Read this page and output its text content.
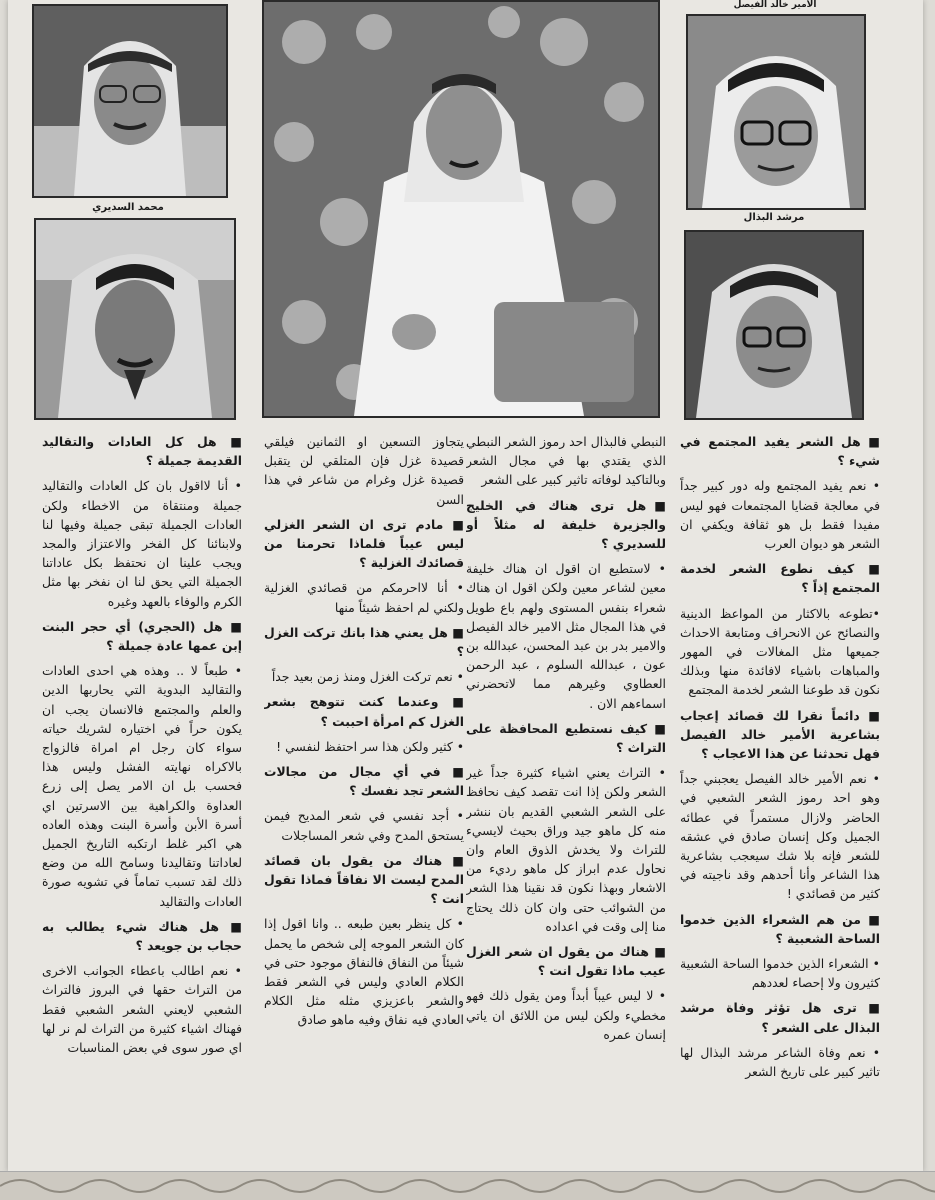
محمد السديري
الأمير خالد الفيصل
مرشد البذال

■ هل الشعر يفيد المجتمع في شيء ؟

• نعم يفيد المجتمع وله دور كبير جداً في معالجة قضايا المجتمعات فهو ليس مفيدا فقط بل هو ثقافة ويكفي ان الشعر هو ديوان العرب

■ كيف نطوع الشعر لخدمة المجتمع إذاً ؟

•تطوعه بالاكثار من المواعظ الدينية والنصائح عن الانحراف ومتابعة الاحداث جميعها مثل المغالات في المهور والمباهات باشياء لافائدة منها وبذلك نكون قد طوعنا الشعر لخدمة المجتمع

■ دائماً نقرا لك قصائد إعجاب بشاعرية الأمير خالد الفيصل فهل تحدثنا عن هذا الاعجاب ؟

• نعم الأمير خالد الفيصل يعجبني جداً وهو احد رموز الشعر الشعبي في الحاضر ولازال مستمراً في عطائه الجميل وكل إنسان صادق في عشقه للشعر فإنه بلا شك سيعجب بشاعرية هذا الشاعر وأنا أحدهم وقد ناجيته في كثير من قصائدي !

■ من هم الشعراء الذين خدموا الساحة الشعبية ؟

• الشعراء الذين خدموا الساحة الشعبية كثيرون ولا إحصاء لعددهم

■ ترى هل تؤثر وفاة مرشد البذال على الشعر ؟

• نعم وفاة الشاعر مرشد البذال لها تاثير كبير على تاريخ الشعر

النبطي فالبذال احد رموز الشعر النبطي الذي يقتدي بها في مجال الشعر وبالتاكيد لوفاته تاثير كبير على الشعر

■هل ترى هناك في الخليج والجزيرة خليفة له مثلاً أو للسديري ؟

• لاستطيع ان اقول ان هناك خليفة معين لشاعر معين ولكن اقول ان هناك شعراء بنفس المستوى ولهم باع طويل في هذا المجال مثل الامير خالد الفيصل والامير بدر بن عبد المحسن، عبدالله بن عون ، عبدالله السلوم ، عبد الرحمن العطاوي وغيرهم مما لاتحضرني اسماءهم الان .

■ كيف نستطيع المحافظة على التراث ؟

• التراث يعني اشياء كثيرة جداً غير الشعر ولكن إذا انت تقصد كيف نحافظ على الشعر الشعبي القديم بان ننشر منه كل ماهو جيد وراق بحيث لايسيء للتراث ولا يخدش الذوق العام وان نحاول عدم ابراز كل ماهو رديء من الاشعار وبهذا نكون قد نقينا هذا الشعر من الشوائب حتى وان كان ذلك يحتاج منا إلى وقت في اعداده

■ هناك من يقول ان شعر الغزل عيب ماذا تقول انت ؟

• لا ليس عيباً أبداً ومن يقول ذلك فهو مخطيء ولكن ليس من اللائق ان ياتي إنسان عمره

يتجاوز التسعين او الثمانين فيلقي قصيدة غزل فإن المتلقي لن يتقبل قصيدة غزل وغرام من شاعر في هذا السن

■ مادم ترى ان الشعر الغزلي ليس عيباً فلماذا تحرمنا من قصائدك الغزلية ؟

• أنا لااحرمكم من قصائدي الغزلية ولكني لم احفظ شيئاً منها

■ هل يعني هذا بانك تركت الغزل ؟

• نعم تركت الغزل ومنذ زمن بعيد جداً

■ وعندما كنت تتوهج بشعر الغزل كم امرأة احببت ؟

• كثير ولكن هذا سر احتفظ لنفسي !

■ في أي مجال من مجالات الشعر تجد نفسك ؟

• أجد نفسي في شعر المديح فيمن يستحق المدح وفي شعر المساجلات

■ هناك من يقول بان قصائد المدح ليست الا نفاقاً فماذا تقول انت ؟

• كل ينظر بعين طبعه .. وانا اقول إذا كان الشعر الموجه إلى شخص ما يحمل شيئاً من النفاق فالنفاق موجود حتى في الكلام العادي وليس في الشعر فقط والشعر باعزيزي مثله مثل الكلام العادي فيه نفاق وفيه ماهو صادق

■ هل كل العادات والتقاليد القديمة جميلة ؟

• أنا لااقول بان كل العادات والتقاليد جميلة ومنتقاة من الاخطاء ولكن العادات الجميلة تبقى جميلة وفيها لنا ولابنائنا كل الفخر والاعتزاز والمجد ويجب علينا ان نحتفظ بكل عاداتنا الجميلة التي يحق لنا ان نفخر بها مثل الكرم والوفاء بالعهد وغيره

■ هل (الحجري) أي حجر البنت إبن عمها عادة جميلة ؟

• طبعاً لا .. وهذه هي احدى العادات والتقاليد البدوية التي يحاربها الدين والعلم والمجتمع فالانسان يجب ان يكون حراً في اختياره لشريك حياته سواء كان رجل ام امراة فالزواج بالاكراه نهايته الفشل وليس هذا فحسب بل ان الامر يصل إلى زرع العداوة والكراهية بين الاسرتين اي أسرة الأبن وأسرة البنت وهذه العاده هي اكبر غلط ارتكبه التاريخ الجميل لعاداتنا وتقاليدنا وسامح الله من وضع ذلك لقد تسبب تماماً في تشويه صورة العادات والتقاليد

■ هل هناك شيء يطالب به حجاب بن جويعد ؟

• نعم اطالب باعطاء الجوانب الاخرى من التراث حقها في البروز فالتراث الشعبي لايعني الشعر الشعبي فقط فهناك اشياء كثيرة من التراث لم نر لها اي صور سوى في بعض المناسبات
